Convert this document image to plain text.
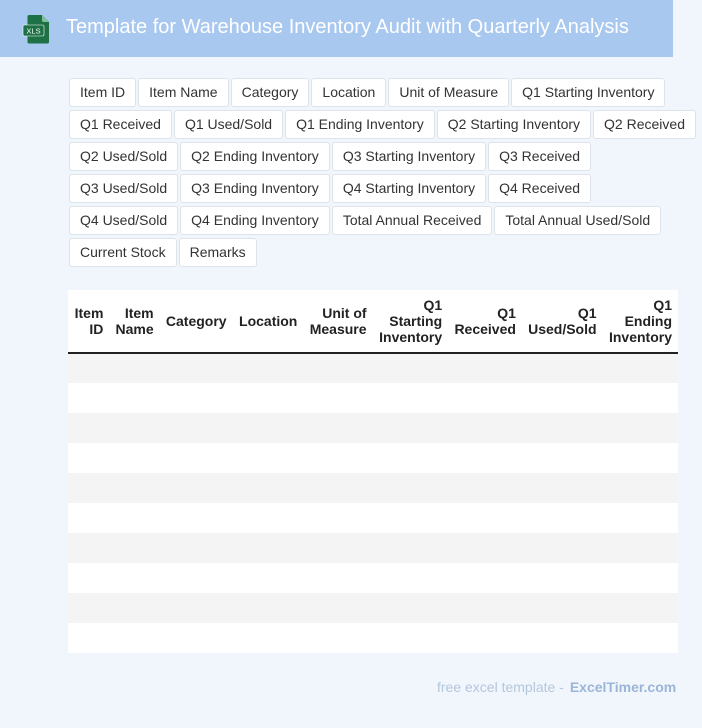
XLS Template for Warehouse Inventory Audit with Quarterly Analysis
Item ID	Item Name	Category	Location	Unit of Measure	Q1 Starting Inventory
Q1 Received	Q1 Used/Sold	Q1 Ending Inventory	Q2 Starting Inventory	Q2 Received
Q2 Used/Sold	Q2 Ending Inventory	Q3 Starting Inventory	Q3 Received
Q3 Used/Sold	Q3 Ending Inventory	Q4 Starting Inventory	Q4 Received
Q4 Used/Sold	Q4 Ending Inventory	Total Annual Received	Total Annual Used/Sold
Current Stock	Remarks
Item ID	Item Name	Category	Location	Unit of Measure	Q1 Starting Inventory	Q1 Received	Q1 Used/Sold	Q1 Ending Inventory

free excel template - ExcelTimer.com
